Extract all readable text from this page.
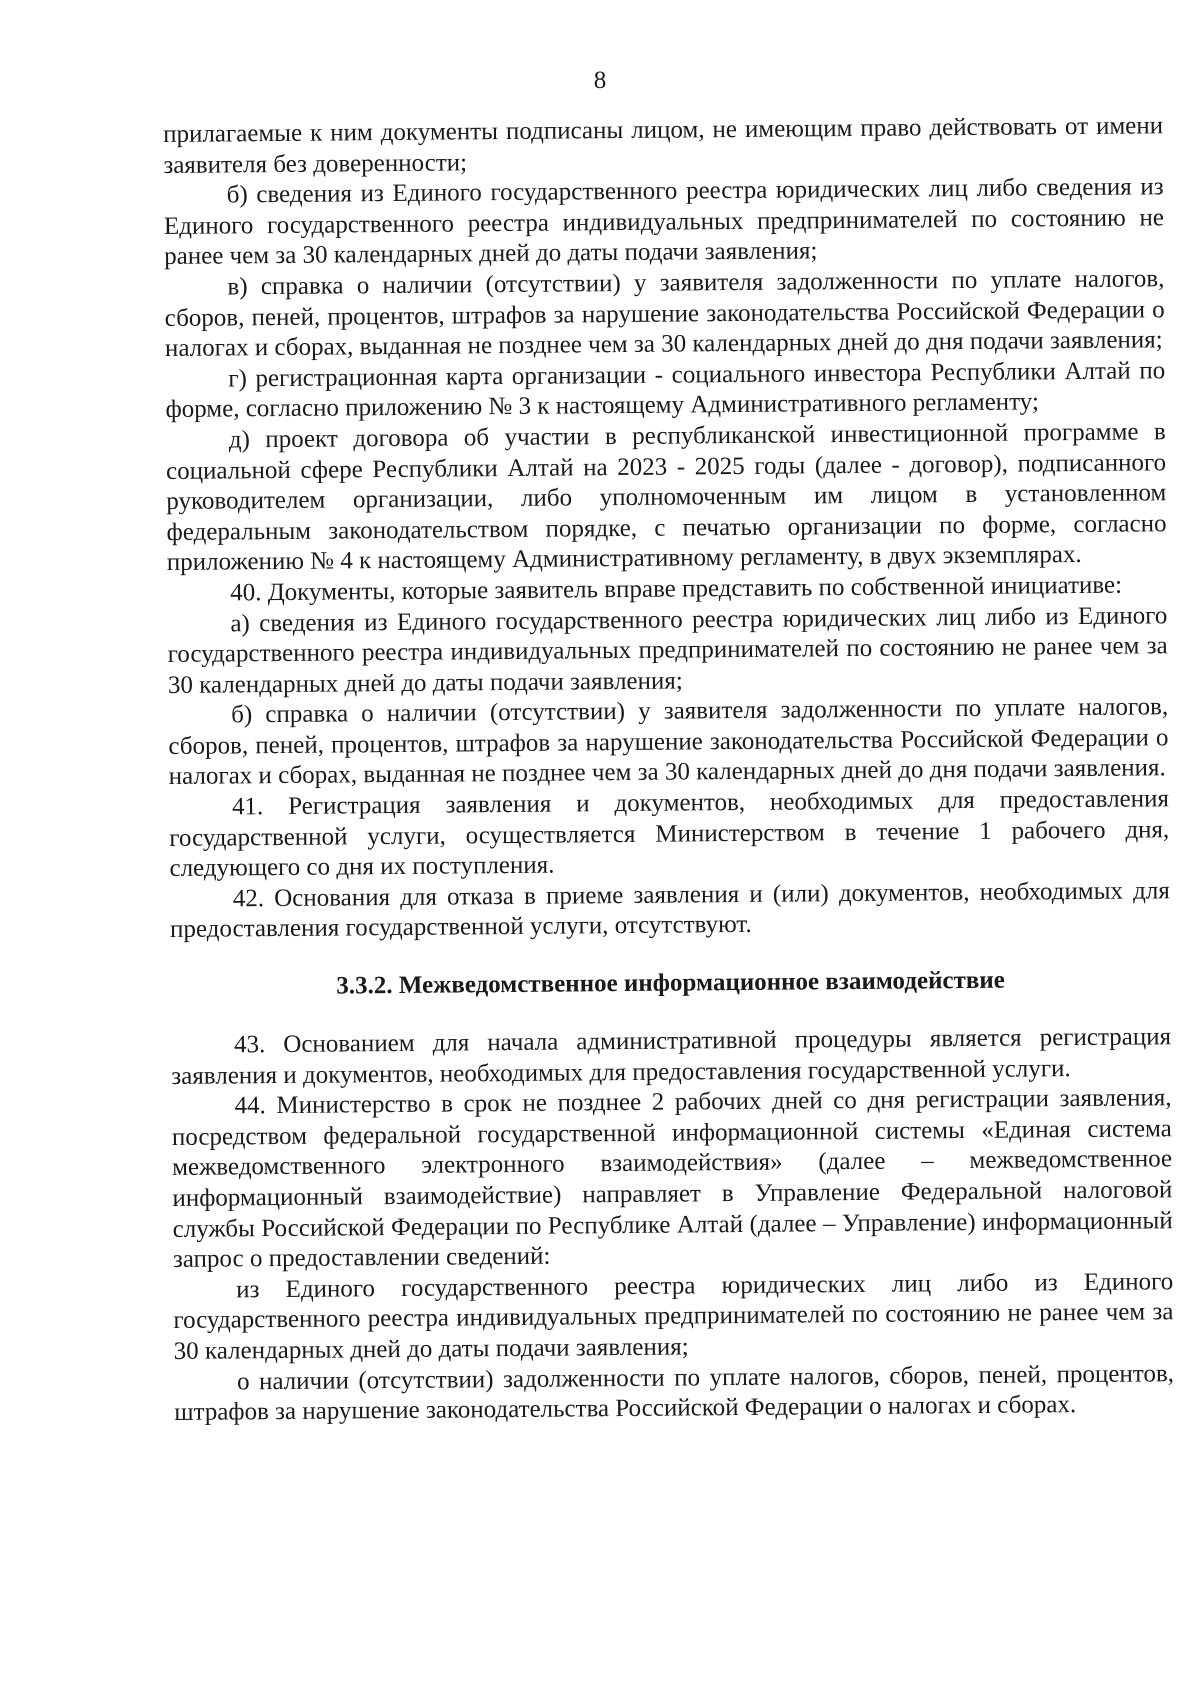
8

прилагаемые к ним документы подписаны лицом, не имеющим право действовать от имени заявителя без доверенности;

б) сведения из Единого государственного реестра юридических лиц либо сведения из Единого государственного реестра индивидуальных предпринимателей по состоянию не ранее чем за 30 календарных дней до даты подачи заявления;

в) справка о наличии (отсутствии) у заявителя задолженности по уплате налогов, сборов, пеней, процентов, штрафов за нарушение законодательства Российской Федерации о налогах и сборах, выданная не позднее чем за 30 календарных дней до дня подачи заявления;

г) регистрационная карта организации - социального инвестора Республики Алтай по форме, согласно приложению № 3 к настоящему Административного регламенту;

д) проект договора об участии в республиканской инвестиционной программе в социальной сфере Республики Алтай на 2023 - 2025 годы (далее - договор), подписанного руководителем организации, либо уполномоченным им лицом в установленном федеральным законодательством порядке, с печатью организации по форме, согласно приложению № 4 к настоящему Административному регламенту, в двух экземплярах.

40. Документы, которые заявитель вправе представить по собственной инициативе:

а) сведения из Единого государственного реестра юридических лиц либо из Единого государственного реестра индивидуальных предпринимателей по состоянию не ранее чем за 30 календарных дней до даты подачи заявления;

б) справка о наличии (отсутствии) у заявителя задолженности по уплате налогов, сборов, пеней, процентов, штрафов за нарушение законодательства Российской Федерации о налогах и сборах, выданная не позднее чем за 30 календарных дней до дня подачи заявления.

41. Регистрация заявления и документов, необходимых для предоставления государственной услуги, осуществляется Министерством в течение 1 рабочего дня, следующего со дня их поступления.

42. Основания для отказа в приеме заявления и (или) документов, необходимых для предоставления государственной услуги, отсутствуют.

3.3.2. Межведомственное информационное взаимодействие

43. Основанием для начала административной процедуры является регистрация заявления и документов, необходимых для предоставления государственной услуги.

44. Министерство в срок не позднее 2 рабочих дней со дня регистрации заявления, посредством федеральной государственной информационной системы «Единая система межведомственного электронного взаимодействия» (далее – межведомственное информационный взаимодействие) направляет в Управление Федеральной налоговой службы Российской Федерации по Республике Алтай (далее – Управление) информационный запрос о предоставлении сведений:

из Единого государственного реестра юридических лиц либо из Единого государственного реестра индивидуальных предпринимателей по состоянию не ранее чем за 30 календарных дней до даты подачи заявления;

о наличии (отсутствии) задолженности по уплате налогов, сборов, пеней, процентов, штрафов за нарушение законодательства Российской Федерации о налогах и сборах.
